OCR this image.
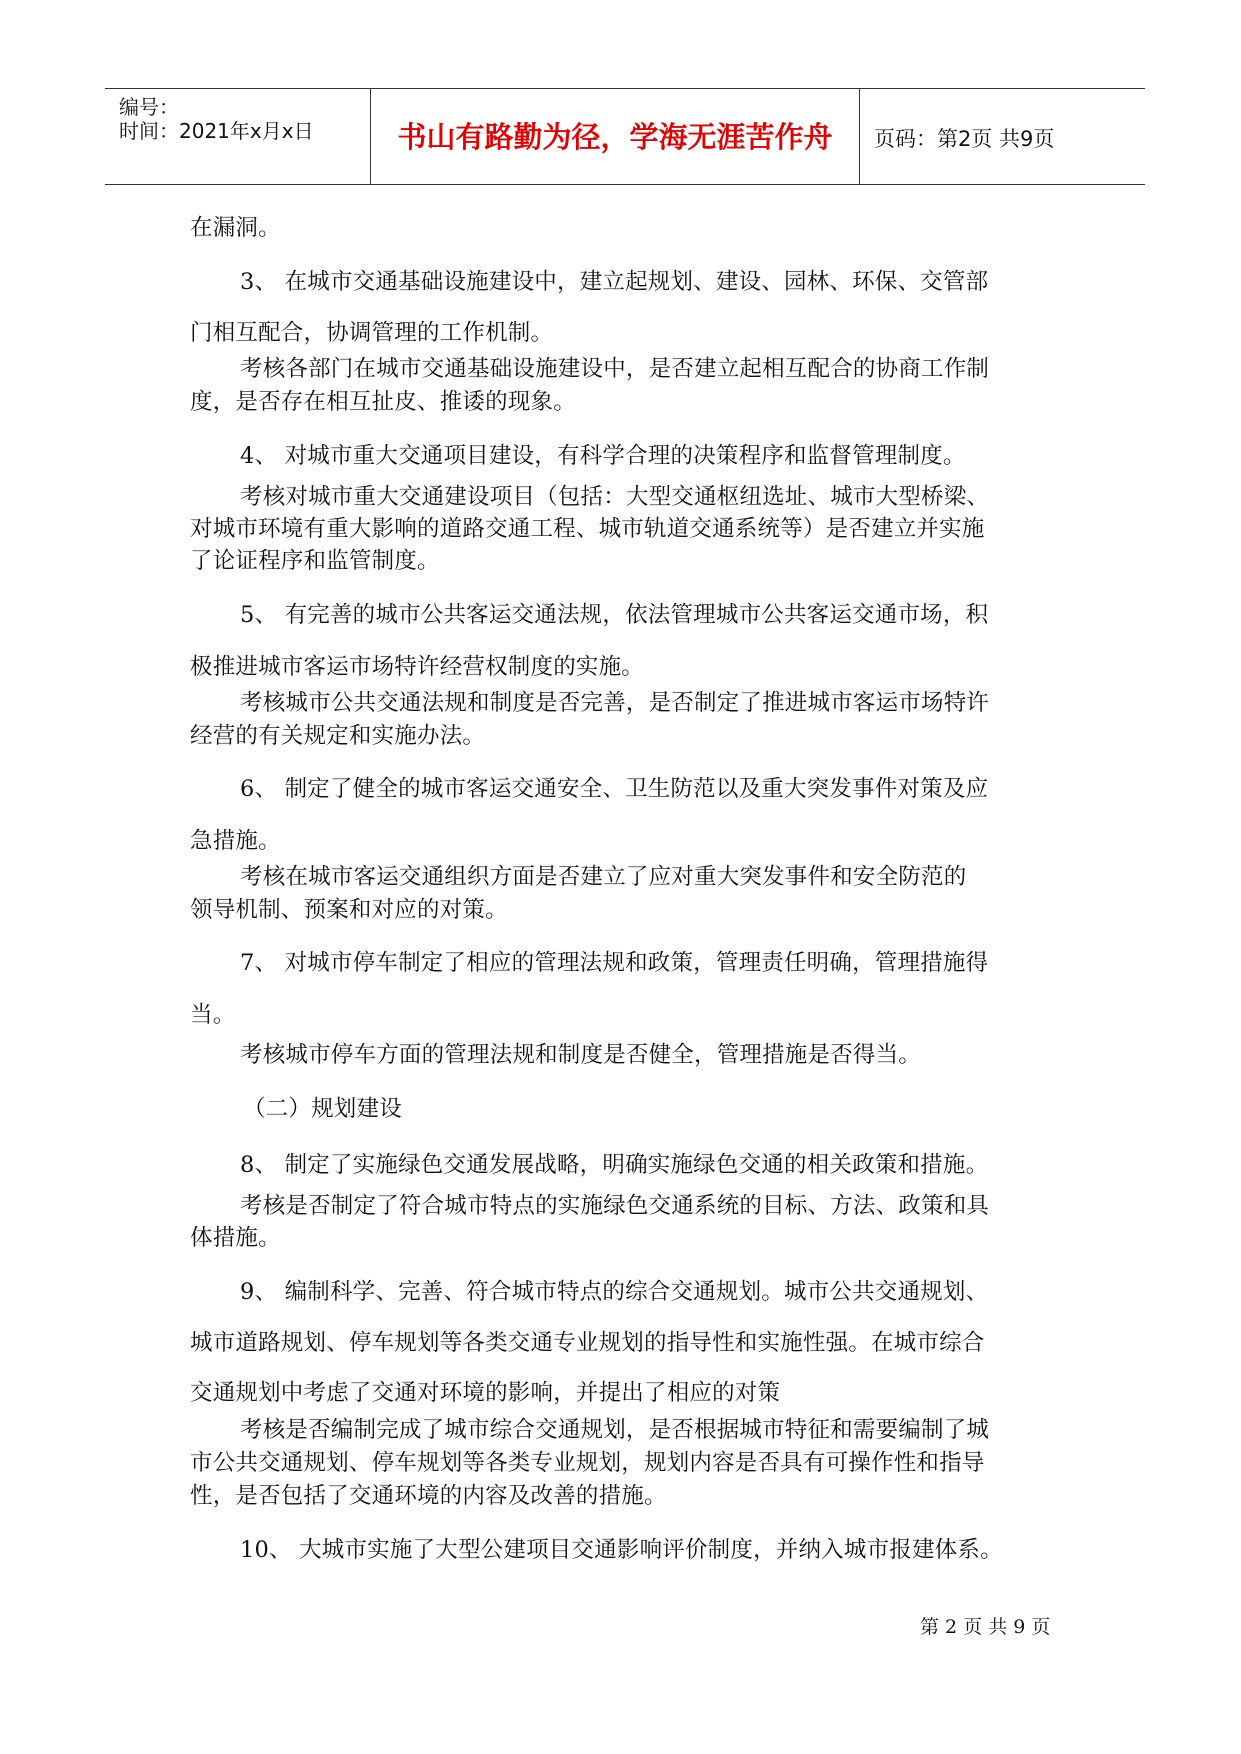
编号：
时间：2021年x月x日	书山有路勤为径，学海无涯苦作舟	页码：第2页 共9页
在漏洞。
3、 在城市交通基础设施建设中，建立起规划、建设、园林、环保、交管部
门相互配合，协调管理的工作机制。
考核各部门在城市交通基础设施建设中，是否建立起相互配合的协商工作制
度，是否存在相互扯皮、推诿的现象。
4、 对城市重大交通项目建设，有科学合理的决策程序和监督管理制度。
考核对城市重大交通建设项目（包括：大型交通枢纽选址、城市大型桥梁、
对城市环境有重大影响的道路交通工程、城市轨道交通系统等）是否建立并实施
了论证程序和监管制度。
5、 有完善的城市公共客运交通法规，依法管理城市公共客运交通市场，积
极推进城市客运市场特许经营权制度的实施。
考核城市公共交通法规和制度是否完善，是否制定了推进城市客运市场特许
经营的有关规定和实施办法。
6、 制定了健全的城市客运交通安全、卫生防范以及重大突发事件对策及应
急措施。
考核在城市客运交通组织方面是否建立了应对重大突发事件和安全防范的
领导机制、预案和对应的对策。
7、 对城市停车制定了相应的管理法规和政策，管理责任明确，管理措施得
当。
考核城市停车方面的管理法规和制度是否健全，管理措施是否得当。
（二）规划建设
8、 制定了实施绿色交通发展战略，明确实施绿色交通的相关政策和措施。
考核是否制定了符合城市特点的实施绿色交通系统的目标、方法、政策和具
体措施。
9、 编制科学、完善、符合城市特点的综合交通规划。城市公共交通规划、
城市道路规划、停车规划等各类交通专业规划的指导性和实施性强。在城市综合
交通规划中考虑了交通对环境的影响，并提出了相应的对策
考核是否编制完成了城市综合交通规划，是否根据城市特征和需要编制了城
市公共交通规划、停车规划等各类专业规划，规划内容是否具有可操作性和指导
性，是否包括了交通环境的内容及改善的措施。
10、 大城市实施了大型公建项目交通影响评价制度，并纳入城市报建体系。
第 2 页 共 9 页
